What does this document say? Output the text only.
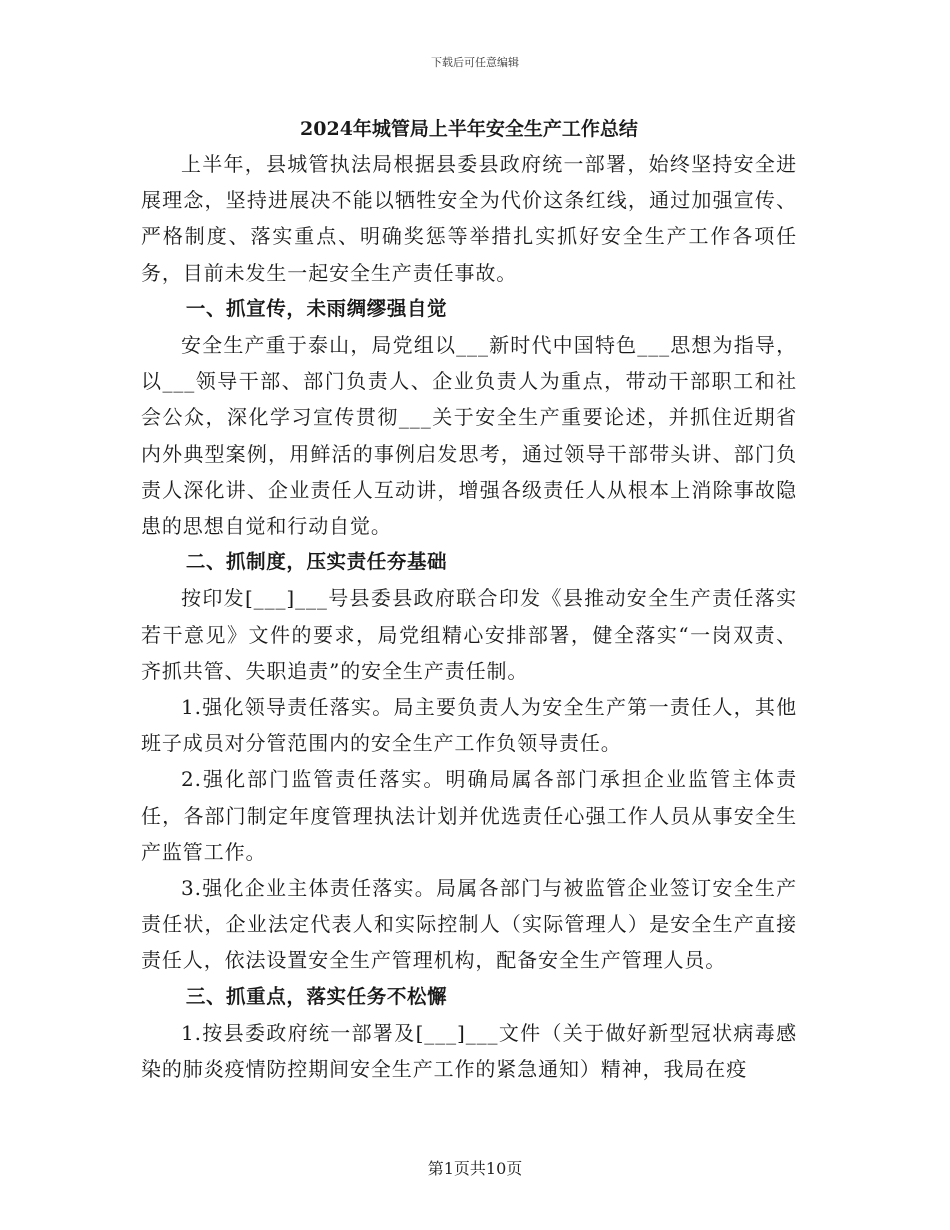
下载后可任意编辑
2024年城管局上半年安全生产工作总结

上半年，县城管执法局根据县委县政府统一部署，始终坚持安全进展理念，坚持进展决不能以牺牲安全为代价这条红线，通过加强宣传、严格制度、落实重点、明确奖惩等举措扎实抓好安全生产工作各项任务，目前未发生一起安全生产责任事故。

一、抓宣传，未雨绸缪强自觉

安全生产重于泰山，局党组以___新时代中国特色___思想为指导，以___领导干部、部门负责人、企业负责人为重点，带动干部职工和社会公众，深化学习宣传贯彻___关于安全生产重要论述，并抓住近期省内外典型案例，用鲜活的事例启发思考，通过领导干部带头讲、部门负责人深化讲、企业责任人互动讲，增强各级责任人从根本上消除事故隐患的思想自觉和行动自觉。

二、抓制度，压实责任夯基础

按印发[___]___号县委县政府联合印发《县推动安全生产责任落实若干意见》文件的要求，局党组精心安排部署，健全落实“一岗双责、齐抓共管、失职追责”的安全生产责任制。

1.强化领导责任落实。局主要负责人为安全生产第一责任人，其他班子成员对分管范围内的安全生产工作负领导责任。

2.强化部门监管责任落实。明确局属各部门承担企业监管主体责任，各部门制定年度管理执法计划并优选责任心强工作人员从事安全生产监管工作。

3.强化企业主体责任落实。局属各部门与被监管企业签订安全生产责任状，企业法定代表人和实际控制人（实际管理人）是安全生产直接责任人，依法设置安全生产管理机构，配备安全生产管理人员。

三、抓重点，落实任务不松懈

1.按县委政府统一部署及[___]___文件（关于做好新型冠状病毒感染的肺炎疫情防控期间安全生产工作的紧急通知）精神，我局在疫

第1页共10页
